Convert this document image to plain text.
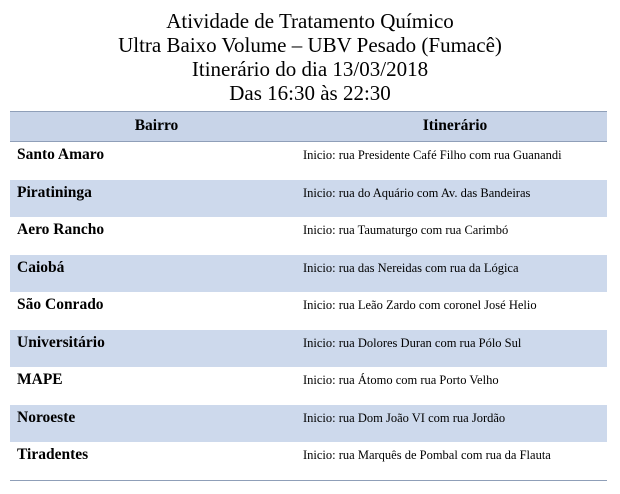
Atividade de Tratamento Químico
Ultra Baixo Volume – UBV Pesado (Fumacê)
Itinerário do dia 13/03/2018
Das 16:30 às 22:30
Bairro	Itinerário
Santo Amaro	Inicio: rua Presidente Café Filho com rua Guanandi
Piratininga	Inicio: rua do Aquário com Av. das Bandeiras
Aero Rancho	Inicio: rua Taumaturgo com rua Carimbó
Caiobá	Inicio: rua das Nereidas com rua da Lógica
São Conrado	Inicio: rua Leão Zardo com coronel José Helio
Universitário	Inicio: rua Dolores Duran com rua Pólo Sul
MAPE	Inicio: rua Átomo com rua Porto Velho
Noroeste	Inicio: rua Dom João VI com rua Jordão
Tiradentes	Inicio: rua Marquês de Pombal com rua da Flauta
